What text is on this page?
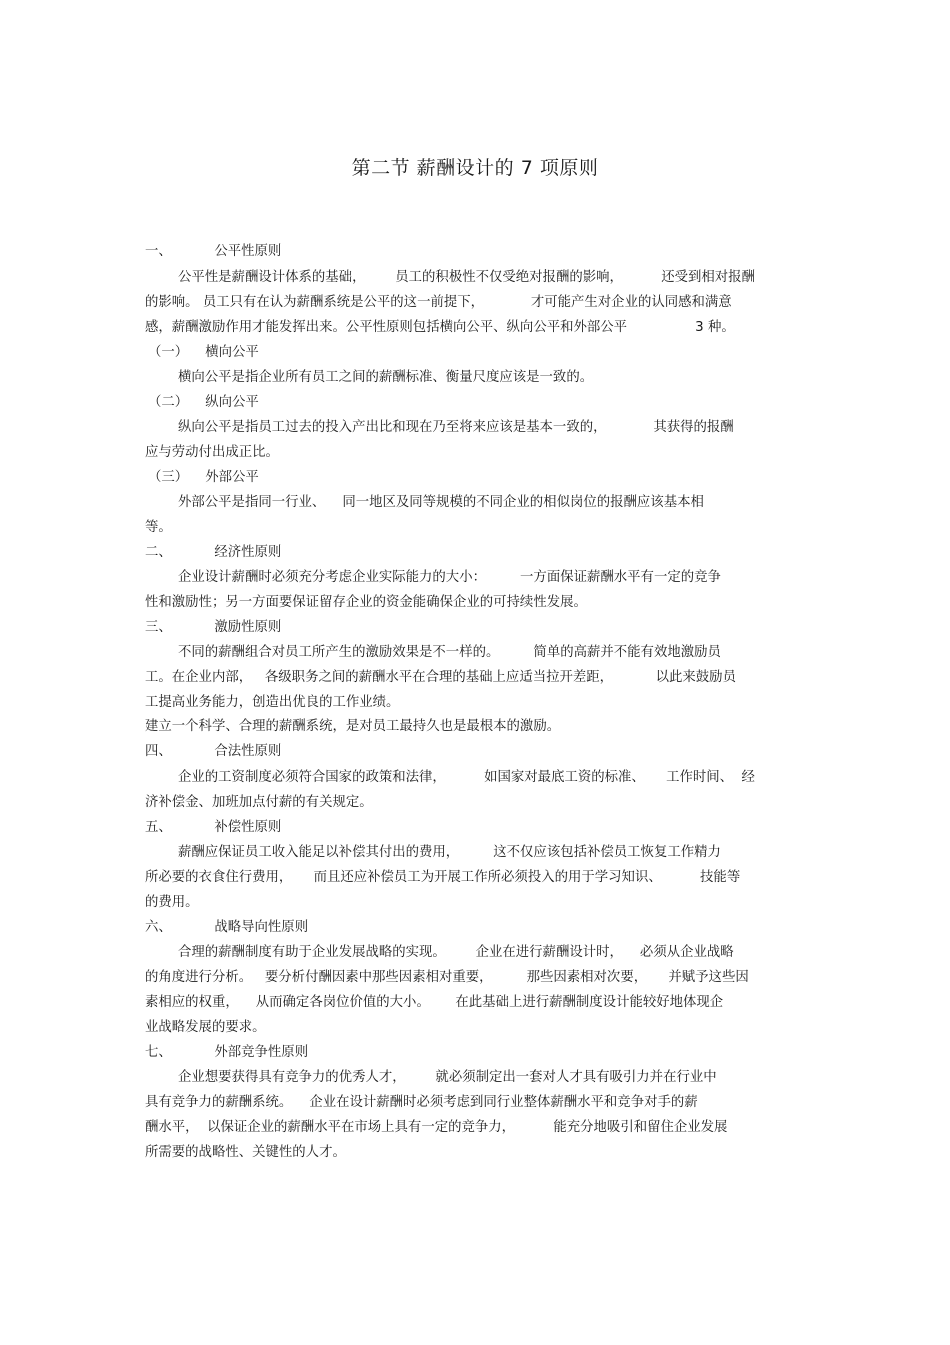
第二节 薪酬设计的 7 项原则
一、          公平性原则
公平性是薪酬设计体系的基础，       员工的积极性不仅受绝对报酬的影响，         还受到相对报酬
的影响。 员工只有在认为薪酬系统是公平的这一前提下，           才可能产生对企业的认同感和满意
感，薪酬激励作用才能发挥出来。公平性原则包括横向公平、纵向公平和外部公平                3 种。
（一）    横向公平
横向公平是指企业所有员工之间的薪酬标准、衡量尺度应该是一致的。
（二）    纵向公平
纵向公平是指员工过去的投入产出比和现在乃至将来应该是基本一致的，           其获得的报酬
应与劳动付出成正比。
（三）    外部公平
外部公平是指同一行业、    同一地区及同等规模的不同企业的相似岗位的报酬应该基本相
等。
二、          经济性原则
企业设计薪酬时必须充分考虑企业实际能力的大小：        一方面保证薪酬水平有一定的竞争
性和激励性；另一方面要保证留存企业的资金能确保企业的可持续性发展。
三、          激励性原则
不同的薪酬组合对员工所产生的激励效果是不一样的。        简单的高薪并不能有效地激励员
工。在企业内部，   各级职务之间的薪酬水平在合理的基础上应适当拉开差距，          以此来鼓励员
工提高业务能力，创造出优良的工作业绩。
建立一个科学、合理的薪酬系统，是对员工最持久也是最根本的激励。
四、          合法性原则
企业的工资制度必须符合国家的政策和法律，         如国家对最底工资的标准、     工作时间、  经
济补偿金、加班加点付薪的有关规定。
五、          补偿性原则
薪酬应保证员工收入能足以补偿其付出的费用，        这不仅应该包括补偿员工恢复工作精力
所必要的衣食住行费用，     而且还应补偿员工为开展工作所必须投入的用于学习知识、         技能等
的费用。
六、          战略导向性原则
合理的薪酬制度有助于企业发展战略的实现。       企业在进行薪酬设计时，    必须从企业战略
的角度进行分析。   要分析付酬因素中那些因素相对重要，        那些因素相对次要，     并赋予这些因
素相应的权重，    从而确定各岗位价值的大小。      在此基础上进行薪酬制度设计能较好地体现企
业战略发展的要求。
七、          外部竞争性原则
企业想要获得具有竞争力的优秀人才，       就必须制定出一套对人才具有吸引力并在行业中
具有竞争力的薪酬系统。    企业在设计薪酬时必须考虑到同行业整体薪酬水平和竞争对手的薪
酬水平，  以保证企业的薪酬水平在市场上具有一定的竞争力，         能充分地吸引和留住企业发展
所需要的战略性、关键性的人才。
